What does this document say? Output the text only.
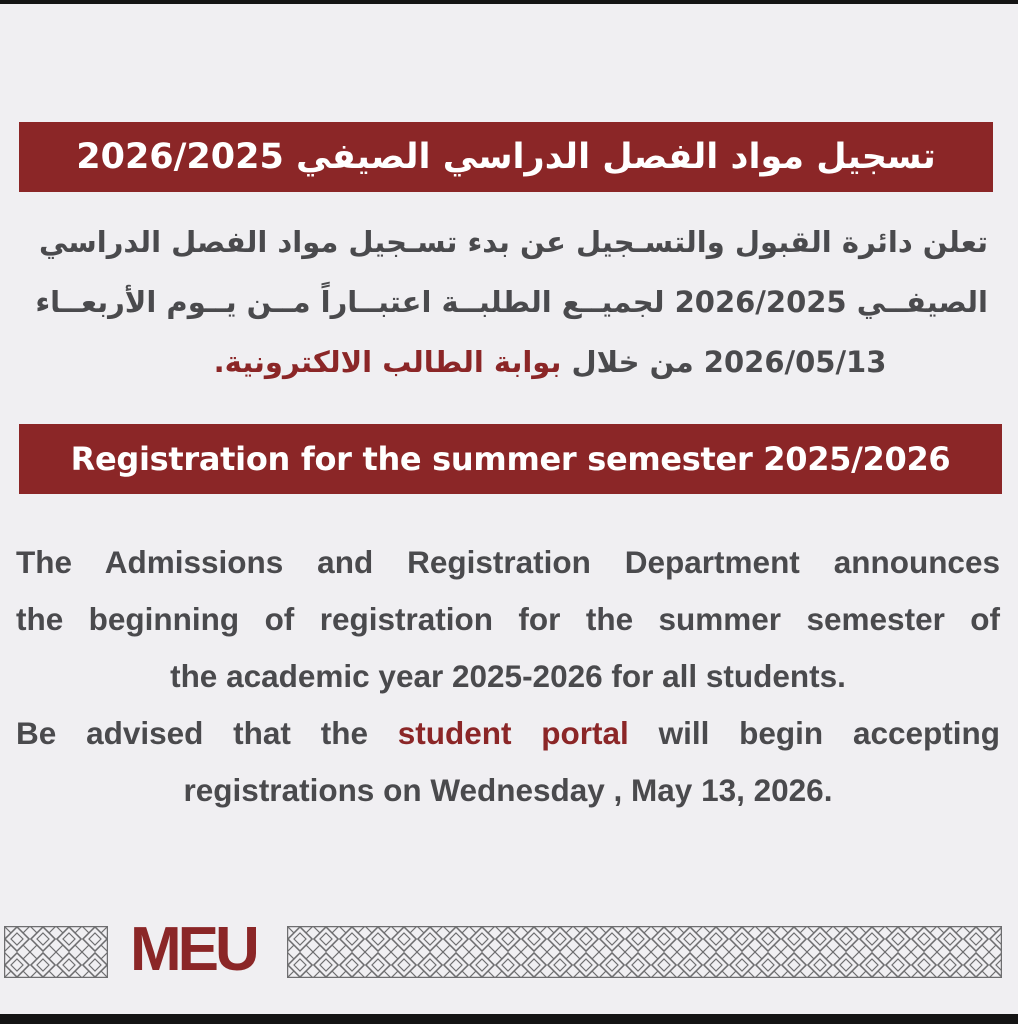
تسجيل مواد الفصل الدراسي الصيفي 2026/2025
تعلن دائرة القبول والتسـجيل عن بدء تسـجيل مواد الفصل الدراسي
الصيفــي 2026/2025 لجميــع الطلبــة اعتبــاراً مــن يــوم الأربعــاء
2026/05/13 من خلال بوابة الطالب الالكترونية.
Registration for the summer semester 2025/2026
The Admissions and Registration Department announces
the beginning of registration for the summer semester of
the academic year 2025-2026 for all students.
Be advised that the student portal will begin accepting
registrations on Wednesday , May 13, 2026.
MEU
